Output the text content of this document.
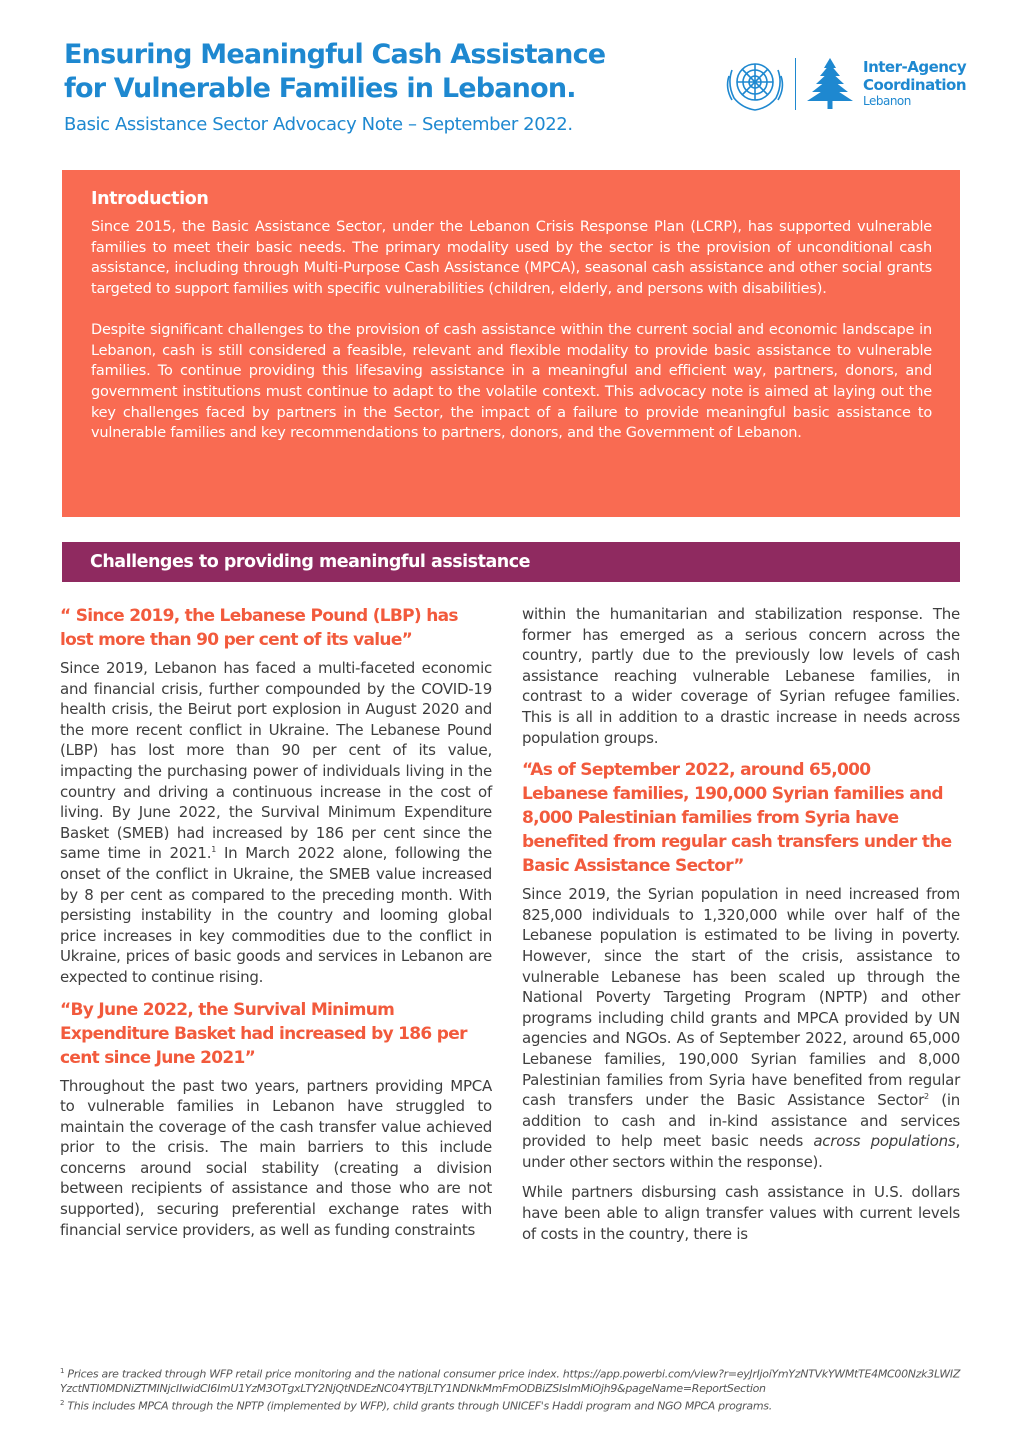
Ensuring Meaningful Cash Assistance
for Vulnerable Families in Lebanon.
Basic Assistance Sector Advocacy Note – September 2022.
Inter-Agency
Coordination
Lebanon
Introduction

Since 2015, the Basic Assistance Sector, under the Lebanon Crisis Response Plan (LCRP), has supported vulnerable families to meet their basic needs. The primary modality used by the sector is the provision of unconditional cash assistance, including through Multi-Purpose Cash Assistance (MPCA), seasonal cash assistance and other social grants targeted to support families with specific vulnerabilities (children, elderly, and persons with disabilities).

Despite significant challenges to the provision of cash assistance within the current social and economic landscape in Lebanon, cash is still considered a feasible, relevant and flexible modality to provide basic assistance to vulnerable families. To continue providing this lifesaving assistance in a meaningful and efficient way, partners, donors, and government institutions must continue to adapt to the volatile context. This advocacy note is aimed at laying out the key challenges faced by partners in the Sector, the impact of a failure to provide meaningful basic assistance to vulnerable families and key recommendations to partners, donors, and the Government of Lebanon.

Challenges to providing meaningful assistance

“ Since 2019, the Lebanese Pound (LBP) has lost more than 90 per cent of its value”

Since 2019, Lebanon has faced a multi-faceted economic and financial crisis, further compounded by the COVID-19 health crisis, the Beirut port explosion in August 2020 and the more recent conflict in Ukraine. The Lebanese Pound (LBP) has lost more than 90 per cent of its value, impacting the purchasing power of individuals living in the country and driving a continuous increase in the cost of living. By June 2022, the Survival Minimum Expenditure Basket (SMEB) had increased by 186 per cent since the same time in 2021.$^1$ In March 2022 alone, following the onset of the conflict in Ukraine, the SMEB value increased by 8 per cent as compared to the preceding month. With persisting instability in the country and looming global price increases in key commodities due to the conflict in Ukraine, prices of basic goods and services in Lebanon are expected to continue rising.

“By June 2022, the Survival Minimum Expenditure Basket had increased by 186 per cent since June 2021”

Throughout the past two years, partners providing MPCA to vulnerable families in Lebanon have struggled to maintain the coverage of the cash transfer value achieved prior to the crisis. The main barriers to this include concerns around social stability (creating a division between recipients of assistance and those who are not supported), securing preferential exchange rates with financial service providers, as well as funding constraints

within the humanitarian and stabilization response. The former has emerged as a serious concern across the country, partly due to the previously low levels of cash assistance reaching vulnerable Lebanese families, in contrast to a wider coverage of Syrian refugee families. This is all in addition to a drastic increase in needs across population groups.

“As of September 2022, around 65,000 Lebanese families, 190,000 Syrian families and 8,000 Palestinian families from Syria have benefited from regular cash transfers under the Basic Assistance Sector”

Since 2019, the Syrian population in need increased from 825,000 individuals to 1,320,000 while over half of the Lebanese population is estimated to be living in poverty. However, since the start of the crisis, assistance to vulnerable Lebanese has been scaled up through the National Poverty Targeting Program (NPTP) and other programs including child grants and MPCA provided by UN agencies and NGOs. As of September 2022, around 65,000 Lebanese families, 190,000 Syrian families and 8,000 Palestinian families from Syria have benefited from regular cash transfers under the Basic Assistance Sector$^2$ (in addition to cash and in-kind assistance and services provided to help meet basic needs across populations, under other sectors within the response).

While partners disbursing cash assistance in U.S. dollars have been able to align transfer values with current levels of costs in the country, there is

$^1$ Prices are tracked through WFP retail price monitoring and the national consumer price index. https://app.powerbi.com/view?r=eyJrIjoiYmYzNTVkYWMtTE4MC00Nzk3LWIZYzctNTI0MDNiZTMINjcIIwidCI6ImU1YzM3OTgxLTY2NjQtNDEzNC04YTBjLTY1NDNkMmFmODBiZSIsImMiOjh9&pageName=ReportSection

$^2$ This includes MPCA through the NPTP (implemented by WFP), child grants through UNICEF's Haddi program and NGO MPCA programs.
